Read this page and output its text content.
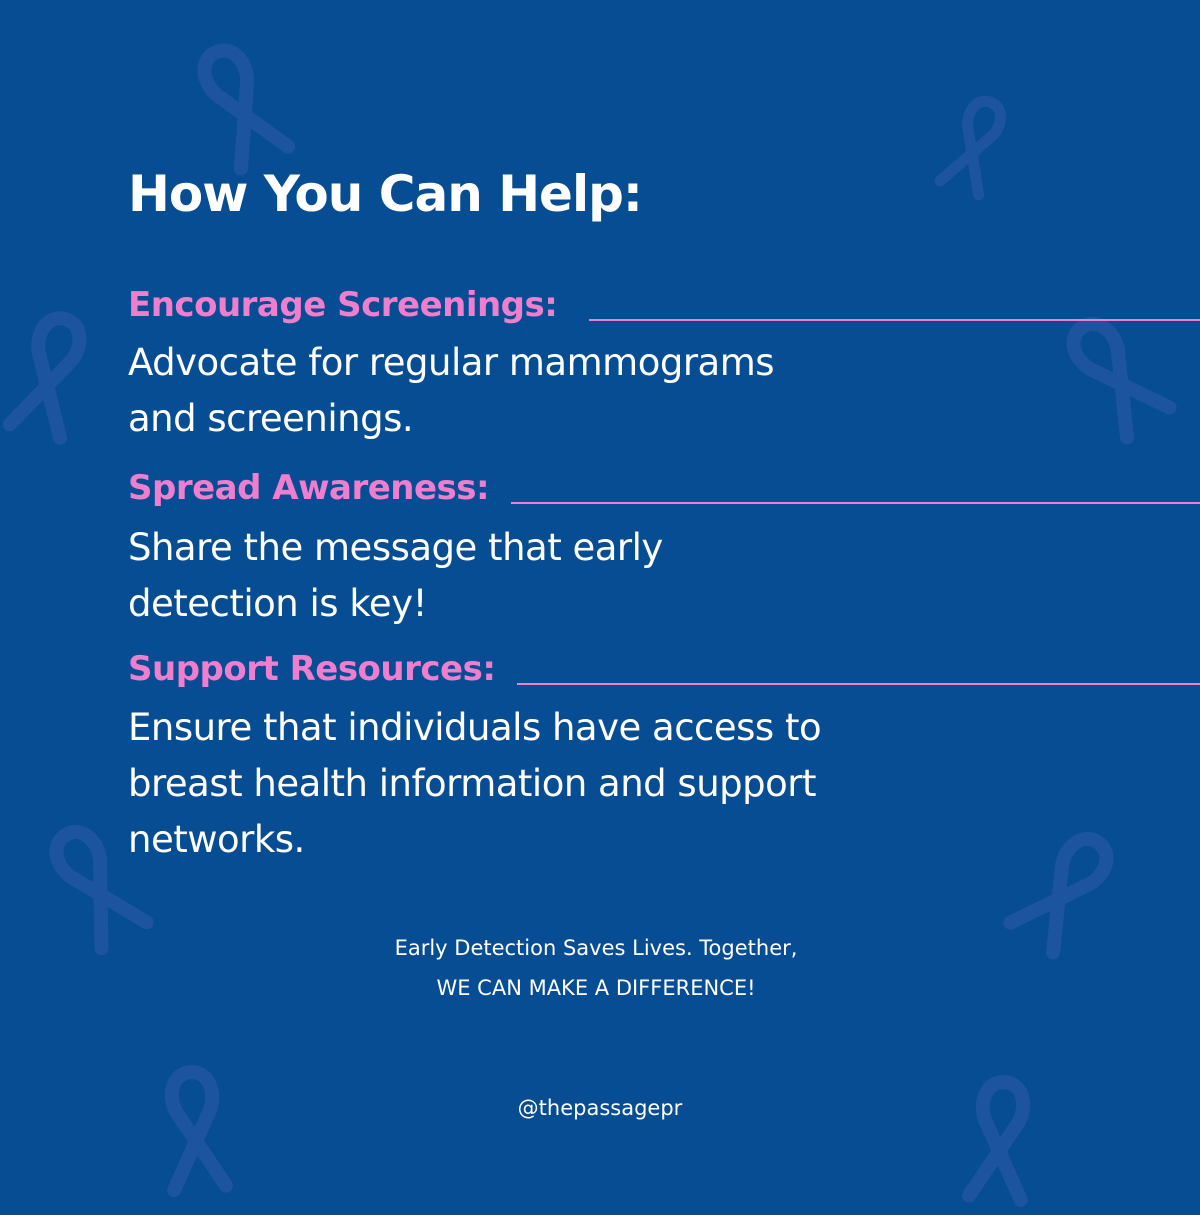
How You Can Help:
Encourage Screenings:

Advocate for regular mammograms
and screenings.

Spread Awareness:

Share the message that early
detection is key!

Support Resources:

Ensure that individuals have access to
breast health information and support
networks.

Early Detection Saves Lives. Together,
WE CAN MAKE A DIFFERENCE!
@thepassagepr
